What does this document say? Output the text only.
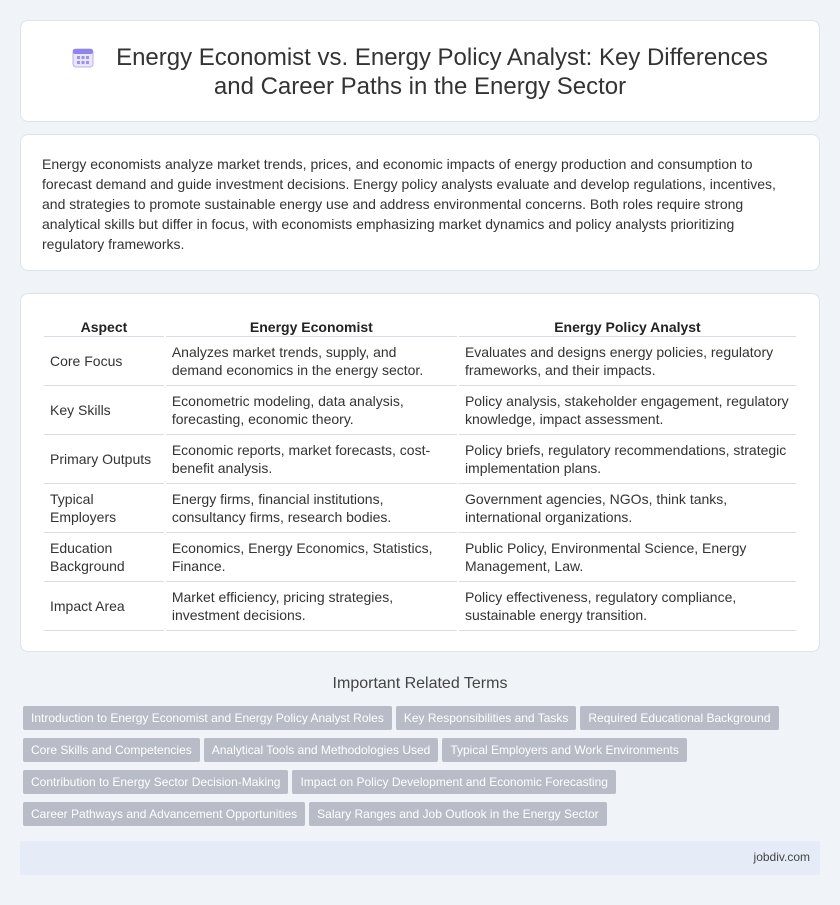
Energy Economist vs. Energy Policy Analyst: Key Differences and Career Paths in the Energy Sector

Energy economists analyze market trends, prices, and economic impacts of energy production and consumption to forecast demand and guide investment decisions. Energy policy analysts evaluate and develop regulations, incentives, and strategies to promote sustainable energy use and address environmental concerns. Both roles require strong analytical skills but differ in focus, with economists emphasizing market dynamics and policy analysts prioritizing regulatory frameworks.

Aspect	Energy Economist	Energy Policy Analyst
Core Focus	Analyzes market trends, supply, and demand economics in the energy sector.	Evaluates and designs energy policies, regulatory frameworks, and their impacts.
Key Skills	Econometric modeling, data analysis, forecasting, economic theory.	Policy analysis, stakeholder engagement, regulatory knowledge, impact assessment.
Primary Outputs	Economic reports, market forecasts, cost-benefit analysis.	Policy briefs, regulatory recommendations, strategic implementation plans.
Typical Employers	Energy firms, financial institutions, consultancy firms, research bodies.	Government agencies, NGOs, think tanks, international organizations.
Education Background	Economics, Energy Economics, Statistics, Finance.	Public Policy, Environmental Science, Energy Management, Law.
Impact Area	Market efficiency, pricing strategies, investment decisions.	Policy effectiveness, regulatory compliance, sustainable energy transition.
Important Related Terms
Introduction to Energy Economist and Energy Policy Analyst Roles Key Responsibilities and Tasks Required Educational Background
Core Skills and Competencies Analytical Tools and Methodologies Used Typical Employers and Work Environments
Contribution to Energy Sector Decision-Making Impact on Policy Development and Economic Forecasting
Career Pathways and Advancement Opportunities Salary Ranges and Job Outlook in the Energy Sector
jobdiv.com
